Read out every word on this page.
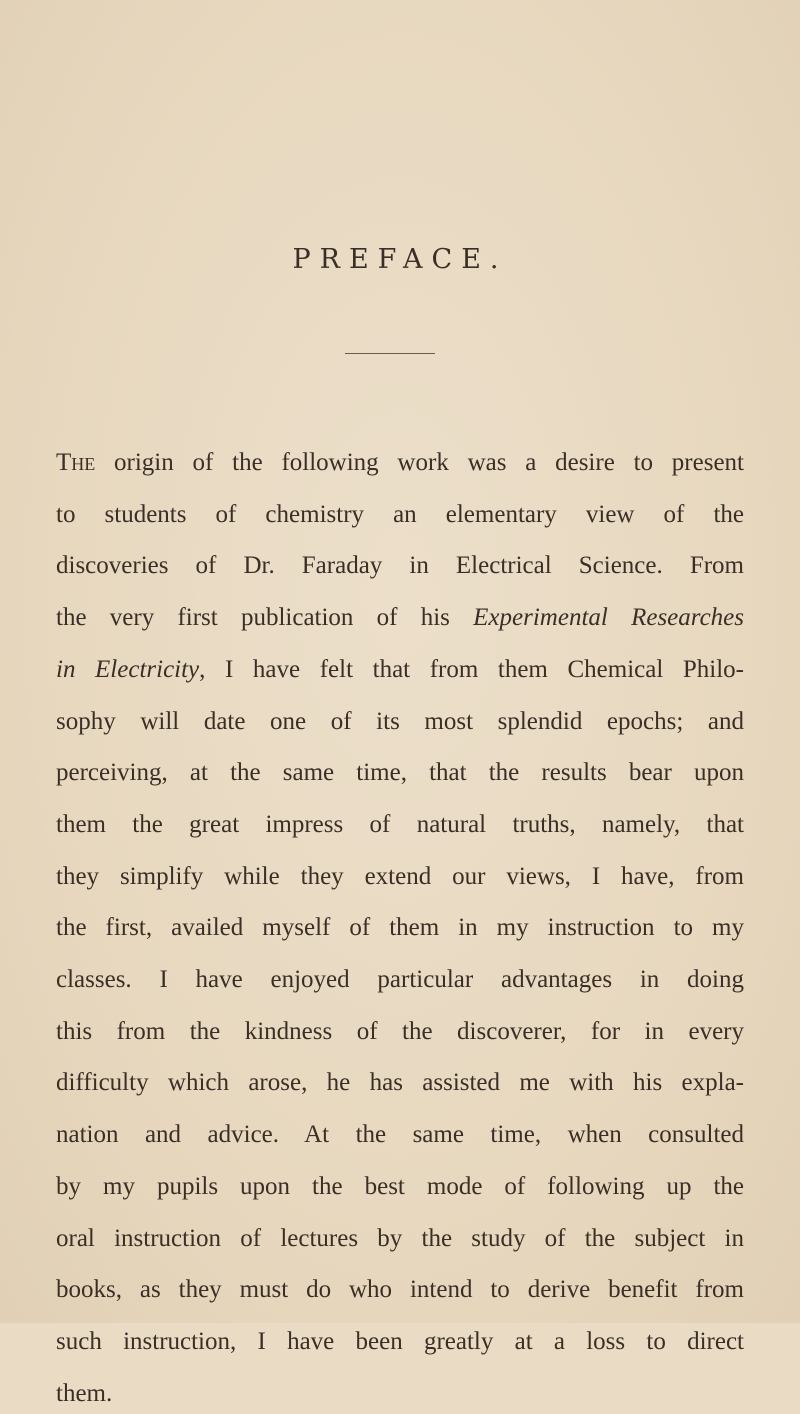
PREFACE.
The origin of the following work was a desire to present
to students of chemistry an elementary view of the
discoveries of Dr. Faraday in Electrical Science. From
the very first publication of his Experimental Researches
in Electricity, I have felt that from them Chemical Philo-
sophy will date one of its most splendid epochs; and
perceiving, at the same time, that the results bear upon
them the great impress of natural truths, namely, that
they simplify while they extend our views, I have, from
the first, availed myself of them in my instruction to my
classes. I have enjoyed particular advantages in doing
this from the kindness of the discoverer, for in every
difficulty which arose, he has assisted me with his expla-
nation and advice. At the same time, when consulted
by my pupils upon the best mode of following up the
oral instruction of lectures by the study of the subject in
books, as they must do who intend to derive benefit from
such instruction, I have been greatly at a loss to direct
them.
